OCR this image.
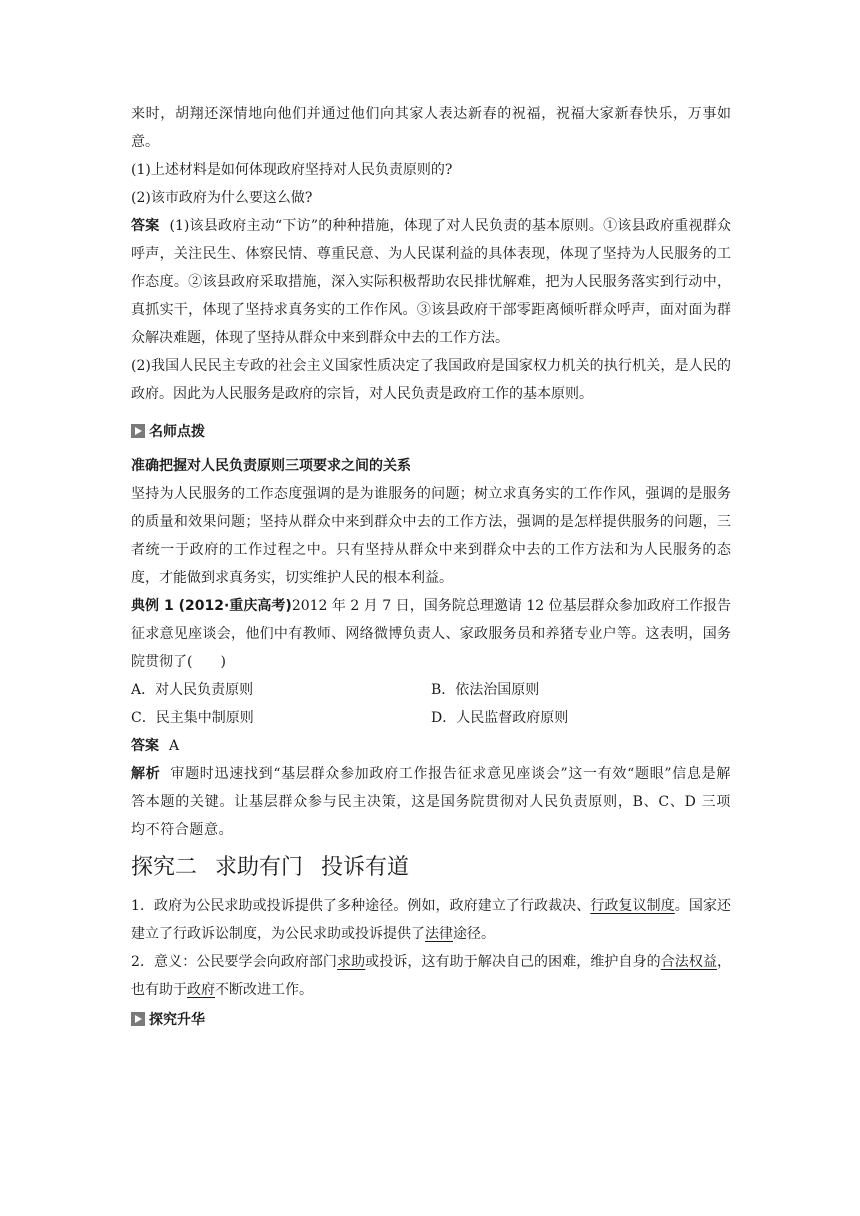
来时，胡翔还深情地向他们并通过他们向其家人表达新春的祝福，祝福大家新春快乐，万事如意。

(1)上述材料是如何体现政府坚持对人民负责原则的?

(2)该市政府为什么要这么做?

答案 (1)该县政府主动“下访”的种种措施，体现了对人民负责的基本原则。①该县政府重视群众呼声，关注民生、体察民情、尊重民意、为人民谋利益的具体表现，体现了坚持为人民服务的工作态度。②该县政府采取措施，深入实际积极帮助农民排忧解难，把为人民服务落实到行动中，真抓实干，体现了坚持求真务实的工作作风。③该县政府干部零距离倾听群众呼声，面对面为群众解决难题，体现了坚持从群众中来到群众中去的工作方法。

(2)我国人民民主专政的社会主义国家性质决定了我国政府是国家权力机关的执行机关，是人民的政府。因此为人民服务是政府的宗旨，对人民负责是政府工作的基本原则。

名师点拨
准确把握对人民负责原则三项要求之间的关系

坚持为人民服务的工作态度强调的是为谁服务的问题；树立求真务实的工作作风，强调的是服务的质量和效果问题；坚持从群众中来到群众中去的工作方法，强调的是怎样提供服务的问题，三者统一于政府的工作过程之中。只有坚持从群众中来到群众中去的工作方法和为人民服务的态度，才能做到求真务实，切实维护人民的根本利益。

典例 1 (2012·重庆高考)2012 年 2 月 7 日，国务院总理邀请 12 位基层群众参加政府工作报告征求意见座谈会，他们中有教师、网络微博负责人、家政服务员和养猪专业户等。这表明，国务院贯彻了(　　)

A．对人民负责原则	B．依法治国原则

C．民主集中制原则	D．人民监督政府原则

答案 A

解析 审题时迅速找到“基层群众参加政府工作报告征求意见座谈会”这一有效“题眼”信息是解答本题的关键。让基层群众参与民主决策，这是国务院贯彻对人民负责原则，B、C、D 三项均不符合题意。

探究二 求助有门 投诉有道

1．政府为公民求助或投诉提供了多种途径。例如，政府建立了行政裁决、行政复议制度。国家还建立了行政诉讼制度，为公民求助或投诉提供了法律途径。

2．意义：公民要学会向政府部门求助或投诉，这有助于解决自己的困难，维护自身的合法权益，也有助于政府不断改进工作。

探究升华
